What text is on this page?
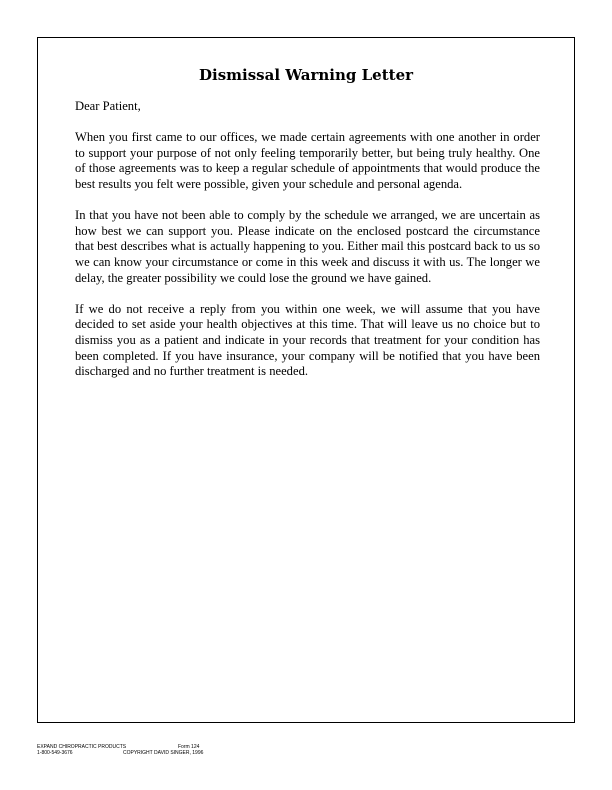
Dismissal Warning Letter

Dear Patient,

When you first came to our offices, we made certain agreements with one another in order to support your purpose of not only feeling temporarily better, but being truly healthy. One of those agreements was to keep a regular schedule of appointments that would produce the best results you felt were possible, given your schedule and personal agenda.

In that you have not been able to comply by the schedule we arranged, we are uncertain as how best we can support you. Please indicate on the enclosed postcard the circumstance that best describes what is actually happening to you. Either mail this postcard back to us so we can know your circumstance or come in this week and discuss it with us. The longer we delay, the greater possibility we could lose the ground we have gained.

If we do not receive a reply from you within one week, we will assume that you have decided to set aside your health objectives at this time. That will leave us no choice but to dismiss you as a patient and indicate in your records that treatment for your condition has been completed. If you have insurance, your company will be notified that you have been discharged and no further treatment is needed.

EXPAND CHIROPRACTIC PRODUCTS	Form 124
1-800-549-3676	COPYRIGHT DAVID SINGER, 1996
